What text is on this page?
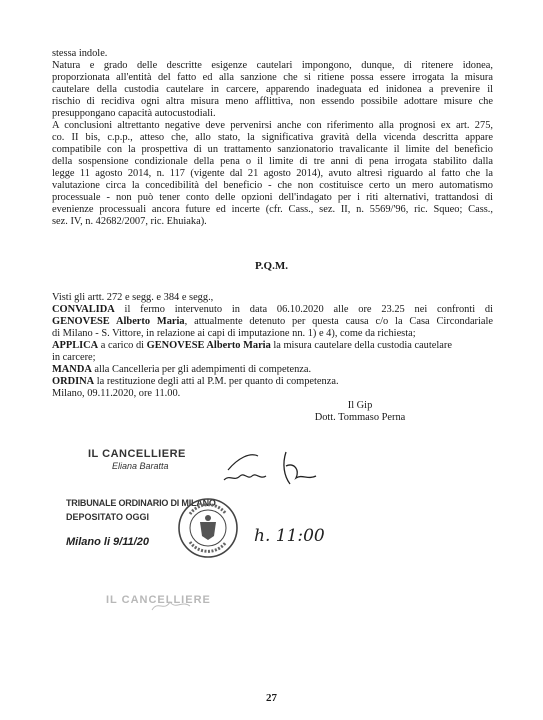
stessa indole.
Natura e grado delle descritte esigenze cautelari impongono, dunque, di ritenere idonea,
proporzionata all'entità del fatto ed alla sanzione che si ritiene possa essere irrogata la misura
cautelare della custodia cautelare in carcere, apparendo inadeguata ed inidonea a prevenire il
rischio di recidiva ogni altra misura meno afflittiva, non essendo possibile adottare misure che
presuppongano capacità autocustodiali.
A conclusioni altrettanto negative deve pervenirsi anche con riferimento alla prognosi ex art. 275,
co. II bis, c.p.p., atteso che, allo stato, la significativa gravità della vicenda descritta appare
compatibile con la prospettiva di un trattamento sanzionatorio travalicante il limite del beneficio
della sospensione condizionale della pena o il limite di tre anni di pena irrogata stabilito dalla
legge 11 agosto 2014, n. 117 (vigente dal 21 agosto 2014), avuto altresì riguardo al fatto che la
valutazione circa la concedibilità del beneficio - che non costituisce certo un mero automatismo
processuale - non può tener conto delle opzioni dell'indagato per i riti alternativi, trattandosi di
evenienze processuali ancora future ed incerte (cfr. Cass., sez. II, n. 5569/'96, ric. Squeo; Cass.,
sez. IV, n. 42682/2007, ric. Ehuiaka).
P.Q.M.
Visti gli artt. 272 e segg. e 384 e segg.,
CONVALIDA il fermo intervenuto in data 06.10.2020 alle ore 23.25 nei confronti di
GENOVESE Alberto Maria, attualmente detenuto per questa causa c/o la Casa Circondariale
di Milano - S. Vittore, in relazione ai capi di imputazione nn. 1) e 4), come da richiesta;
APPLICA a carico di GENOVESE Alberto Maria la misura cautelare della custodia cautelare
in carcere;
MANDA alla Cancelleria per gli adempimenti di competenza.
ORDINA la restituzione degli atti al P.M. per quanto di competenza.
Milano, 09.11.2020, ore 11.00.
Il Gip
Dott. Tommaso Perna
IL CANCELLIERE
Eliana Baratta
TRIBUNALE ORDINARIO DI MILANO
DEPOSITATO OGGI
Milano li 9/11/20	h. 11:00
IL CANCELLIERE
27
